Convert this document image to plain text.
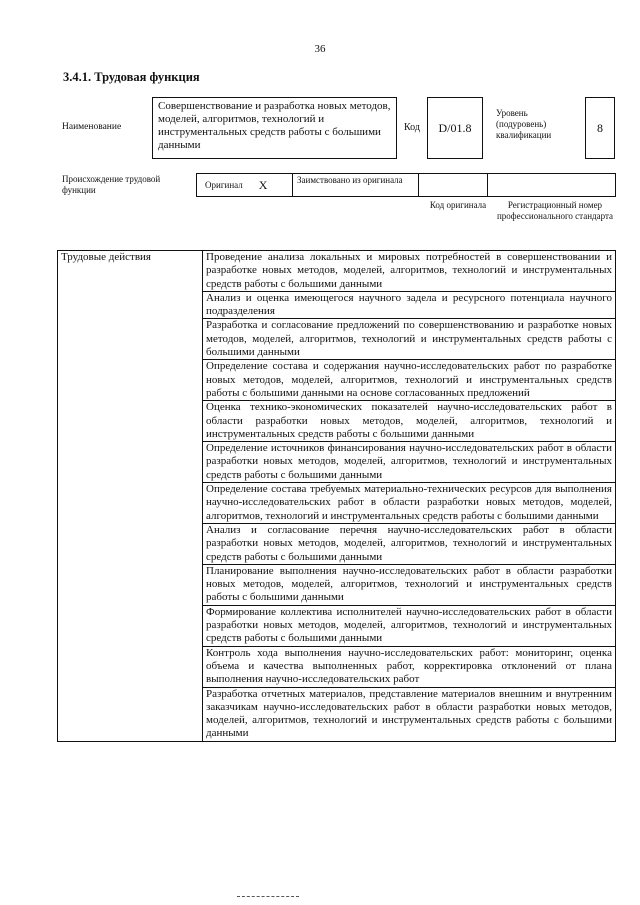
36
3.4.1. Трудовая функция
Наименование
Совершенствование и разработка новых методов, моделей, алгоритмов, технологий и инструментальных средств работы с большими данными
Код D/01.8
Уровень (подуровень) квалификации
8
Происхождение трудовой функции	Оригинал X	Заимствовано из оригинала
Код оригинала	Регистрационный номер профессионального стандарта
Трудовые действия	Проведение анализа локальных и мировых потребностей в совершенствовании и разработке новых методов, моделей, алгоритмов, технологий и инструментальных средств работы с большими данными
Анализ и оценка имеющегося научного задела и ресурсного потенциала научного подразделения
Разработка и согласование предложений по совершенствованию и разработке новых методов, моделей, алгоритмов, технологий и инструментальных средств работы с большими данными
Определение состава и содержания научно-исследовательских работ по разработке новых методов, моделей, алгоритмов, технологий и инструментальных средств работы с большими данными на основе согласованных предложений
Оценка технико-экономических показателей научно-исследовательских работ в области разработки новых методов, моделей, алгоритмов, технологий и инструментальных средств работы с большими данными
Определение источников финансирования научно-исследовательских работ в области разработки новых методов, моделей, алгоритмов, технологий и инструментальных средств работы с большими данными
Определение состава требуемых материально-технических ресурсов для выполнения научно-исследовательских работ в области разработки новых методов, моделей, алгоритмов, технологий и инструментальных средств работы с большими данными
Анализ и согласование перечня научно-исследовательских работ в области разработки новых методов, моделей, алгоритмов, технологий и инструментальных средств работы с большими данными
Планирование выполнения научно-исследовательских работ в области разработки новых методов, моделей, алгоритмов, технологий и инструментальных средств работы с большими данными
Формирование коллектива исполнителей научно-исследовательских работ в области разработки новых методов, моделей, алгоритмов, технологий и инструментальных средств работы с большими данными
Контроль хода выполнения научно-исследовательских работ: мониторинг, оценка объема и качества выполненных работ, корректировка отклонений от плана выполнения научно-исследовательских работ
Разработка отчетных материалов, представление материалов внешним и внутренним заказчикам научно-исследовательских работ в области разработки новых методов, моделей, алгоритмов, технологий и инструментальных средств работы с большими данными
